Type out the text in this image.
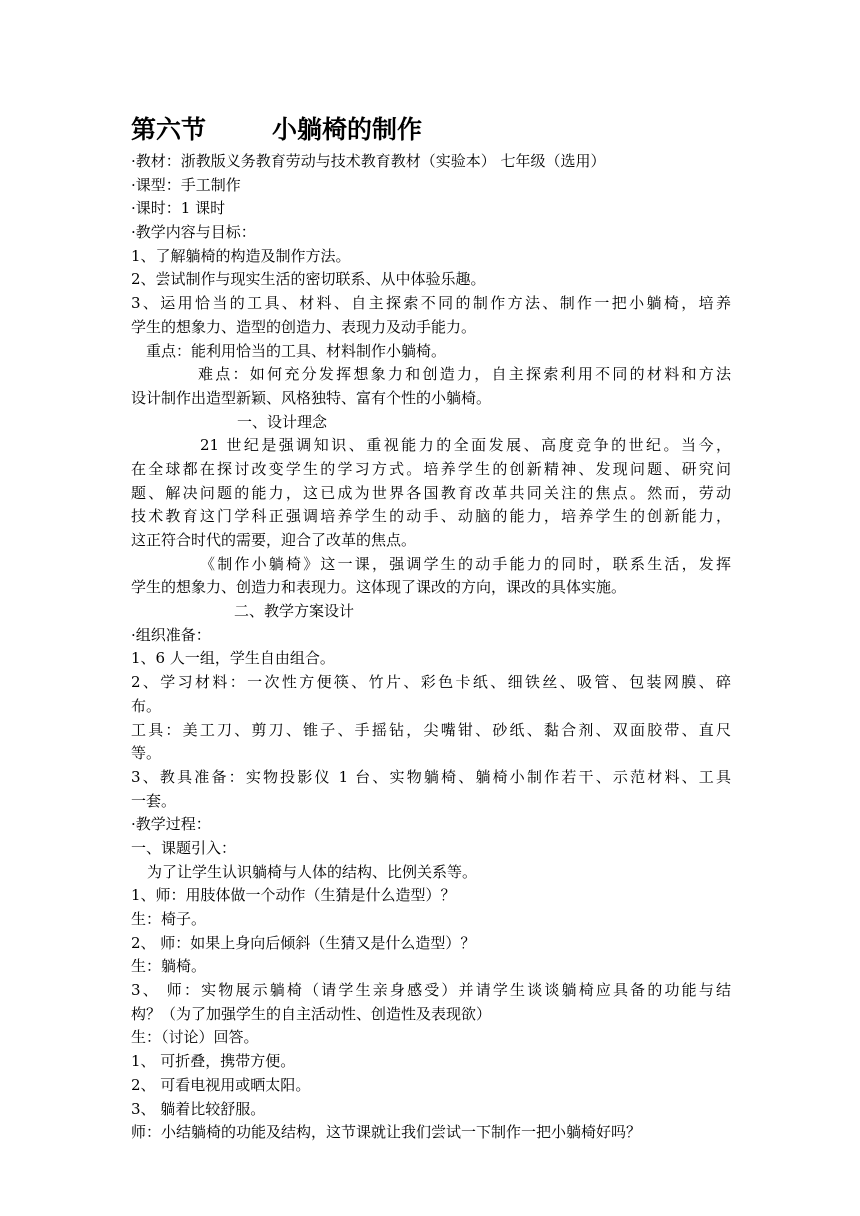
第六节	小躺椅的制作
·教材：浙教版义务教育劳动与技术教育教材（实验本） 七年级（选用）
·课型：手工制作
·课时：1 课时
·教学内容与目标：
1、了解躺椅的构造及制作方法。
2、尝试制作与现实生活的密切联系、从中体验乐趣。
3、运用恰当的工具、材料、自主探索不同的制作方法、制作一把小躺椅，培养
学生的想象力、造型的创造力、表现力及动手能力。
重点：能利用恰当的工具、材料制作小躺椅。
难点：如何充分发挥想象力和创造力，自主探索利用不同的材料和方法
设计制作出造型新颖、风格独特、富有个性的小躺椅。
一、设计理念
21 世纪是强调知识、重视能力的全面发展、高度竞争的世纪。当今，
在全球都在探讨改变学生的学习方式。培养学生的创新精神、发现问题、研究问
题、解决问题的能力，这已成为世界各国教育改革共同关注的焦点。然而，劳动
技术教育这门学科正强调培养学生的动手、动脑的能力，培养学生的创新能力，
这正符合时代的需要，迎合了改革的焦点。
《制作小躺椅》这一课，强调学生的动手能力的同时，联系生活，发挥
学生的想象力、创造力和表现力。这体现了课改的方向，课改的具体实施。
二、教学方案设计
·组织准备：
1、6 人一组，学生自由组合。
2、学习材料：一次性方便筷、竹片、彩色卡纸、细铁丝、吸管、包装网膜、碎
布。
工具：美工刀、剪刀、锥子、手摇钻，尖嘴钳、砂纸、黏合剂、双面胶带、直尺
等。
3、教具准备：实物投影仪 1 台、实物躺椅、躺椅小制作若干、示范材料、工具
一套。
·教学过程：
一、课题引入：
为了让学生认识躺椅与人体的结构、比例关系等。
1、师：用肢体做一个动作（生猜是什么造型）？
生：椅子。
2、 师：如果上身向后倾斜（生猜又是什么造型）？
生：躺椅。
3、 师：实物展示躺椅（请学生亲身感受）并请学生谈谈躺椅应具备的功能与结
构？（为了加强学生的自主活动性、创造性及表现欲）
生：（讨论）回答。
1、 可折叠，携带方便。
2、 可看电视用或晒太阳。
3、 躺着比较舒服。
师：小结躺椅的功能及结构，这节课就让我们尝试一下制作一把小躺椅好吗？
